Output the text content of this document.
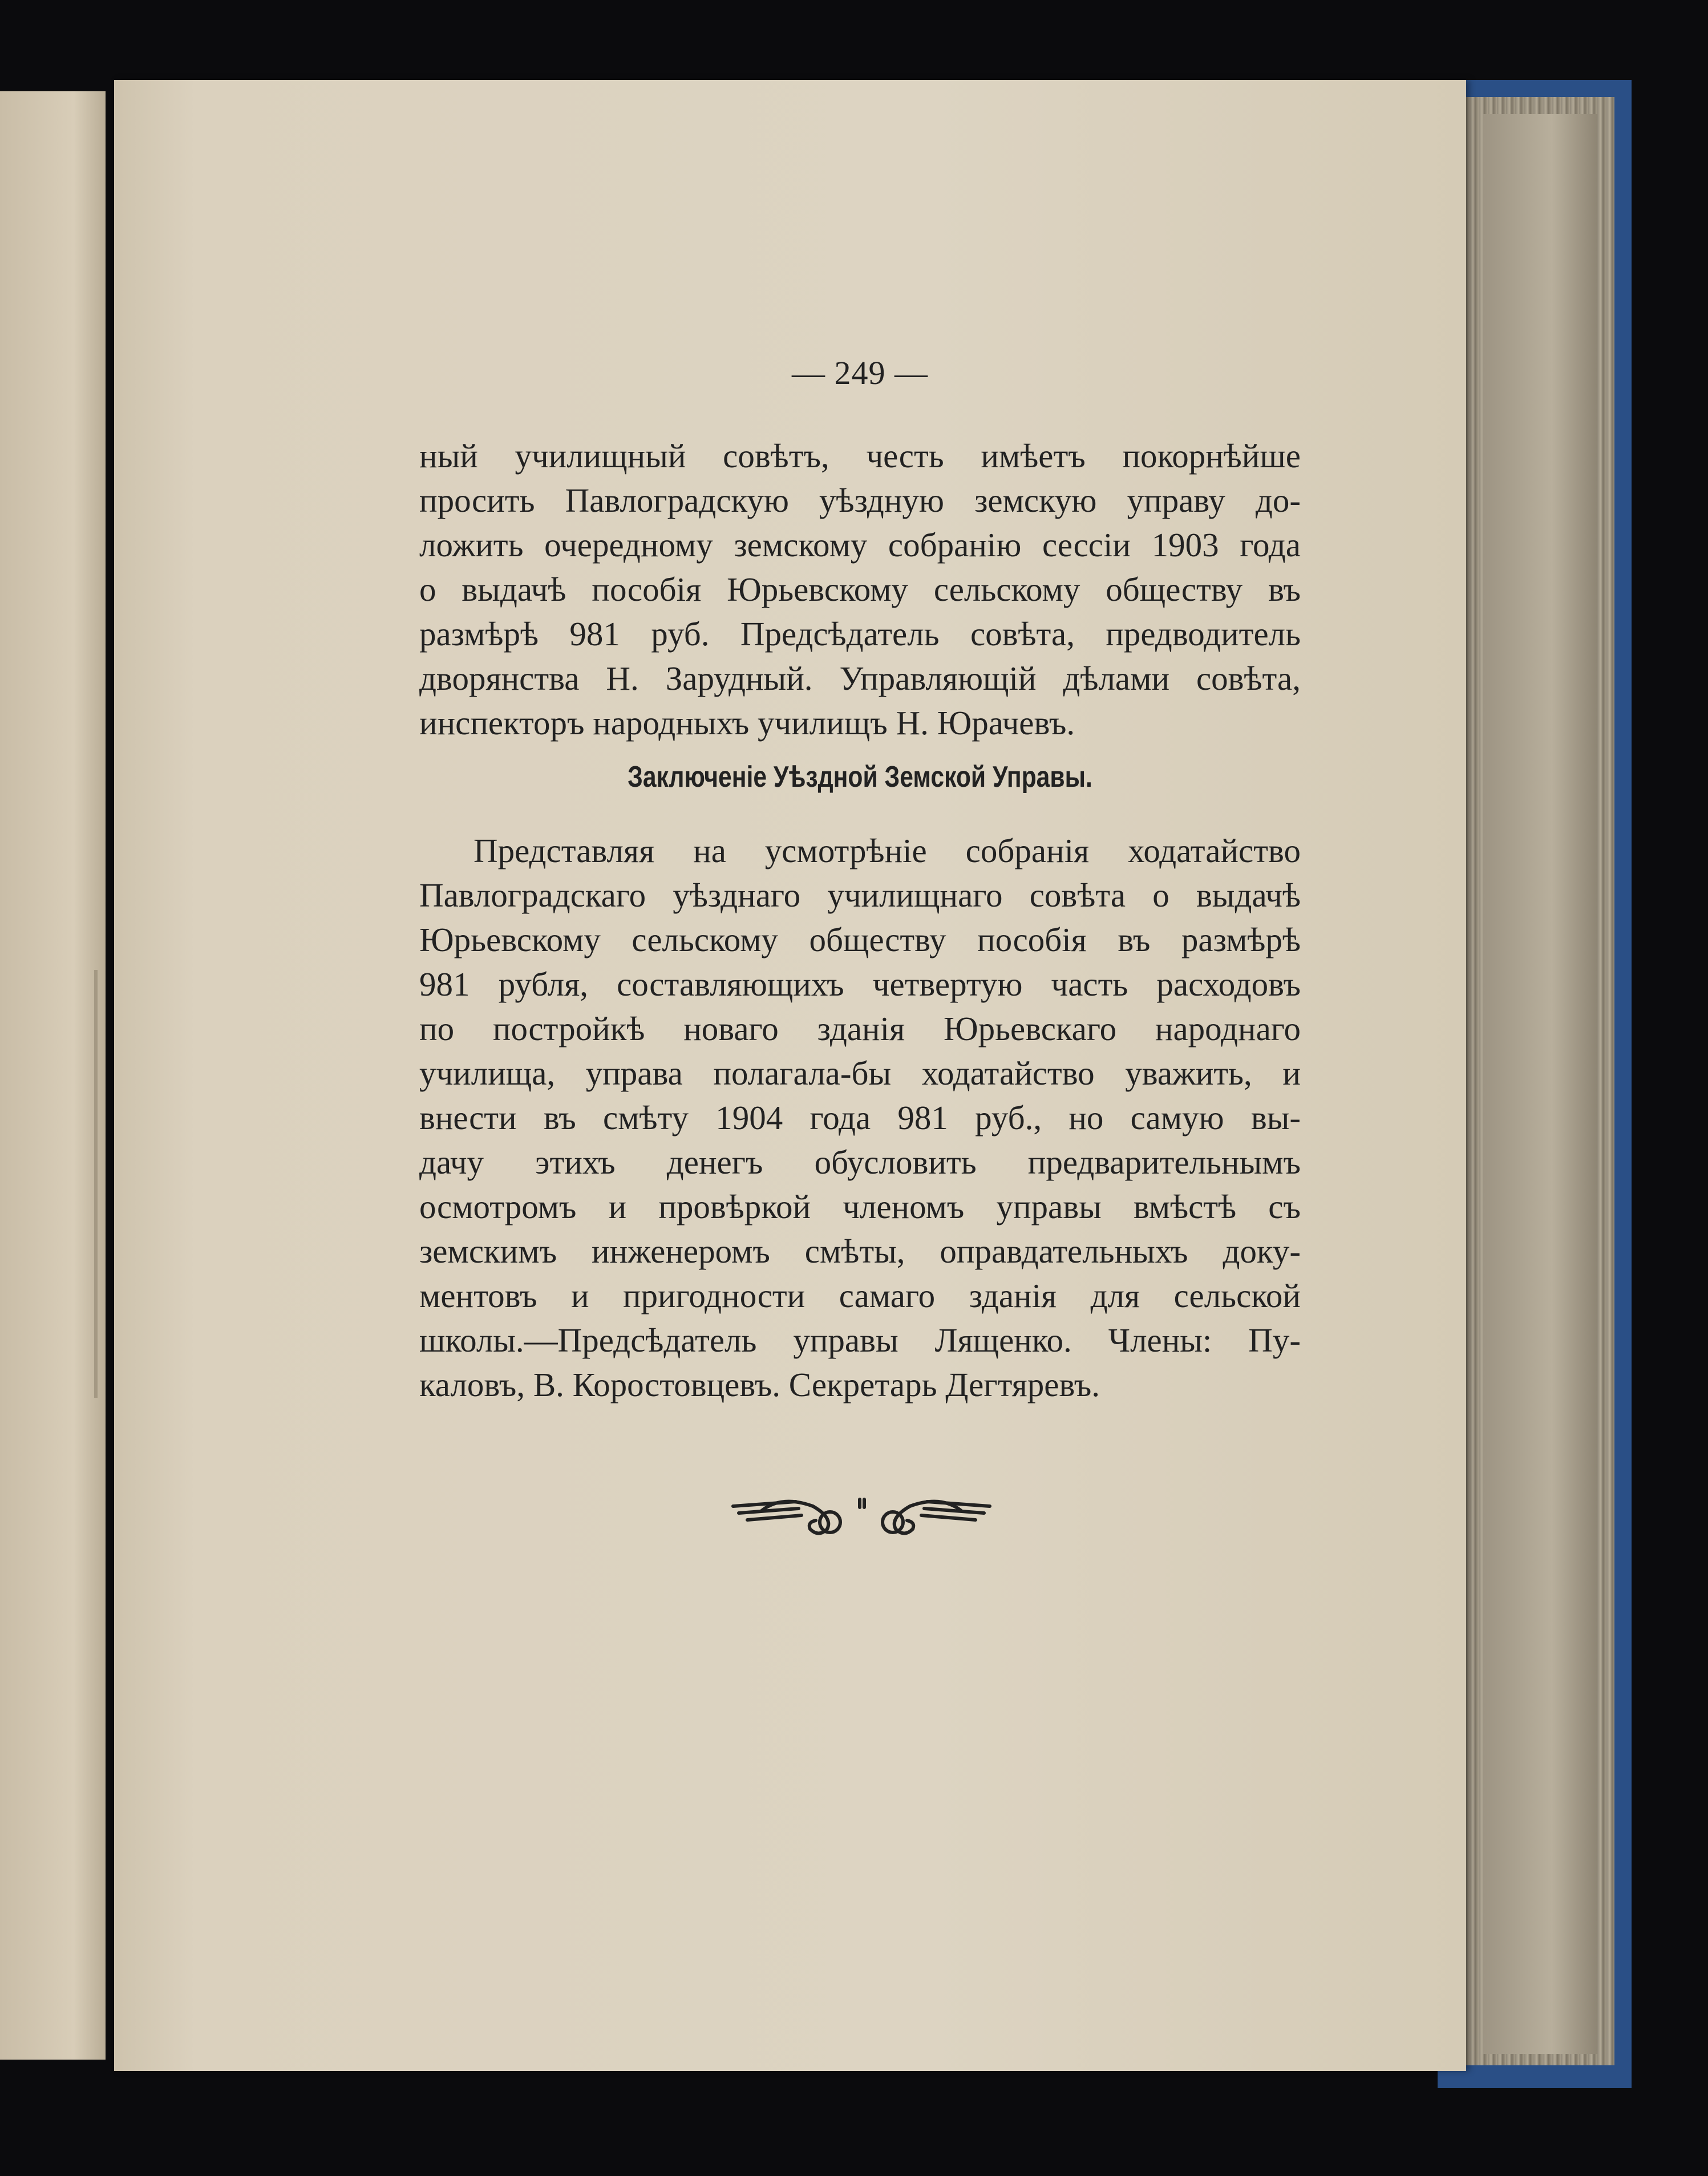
— 249 —

ный училищный совѣтъ, честь имѣетъ покорнѣйше

просить Павлоградскую уѣздную земскую управу до-

ложить очередному земскому собранію сессіи 1903 года

о выдачѣ пособія Юрьевскому сельскому обществу въ

размѣрѣ 981 руб. Предсѣдатель совѣта, предводитель

дворянства Н. Зарудный. Управляющій дѣлами совѣта,

инспекторъ народныхъ училищъ Н. Юрачевъ.

Заключеніе Уѣздной Земской Управы.

Представляя на усмотрѣніе собранія ходатайство

Павлоградскаго уѣзднаго училищнаго совѣта о выдачѣ

Юрьевскому сельскому обществу пособія въ размѣрѣ

981 рубля, составляющихъ четвертую часть расходовъ

по постройкѣ новаго зданія Юрьевскаго народнаго

училища, управа полагала-бы ходатайство уважить, и

внести въ смѣту 1904 года 981 руб., но самую вы-

дачу этихъ денегъ обусловить предварительнымъ

осмотромъ и провѣркой членомъ управы вмѣстѣ съ

земскимъ инженеромъ смѣты, оправдательныхъ доку-

ментовъ и пригодности самаго зданія для сельской

школы.—Предсѣдатель управы Лященко. Члены: Пу-

каловъ, В. Коростовцевъ. Секретарь Дегтяревъ.
